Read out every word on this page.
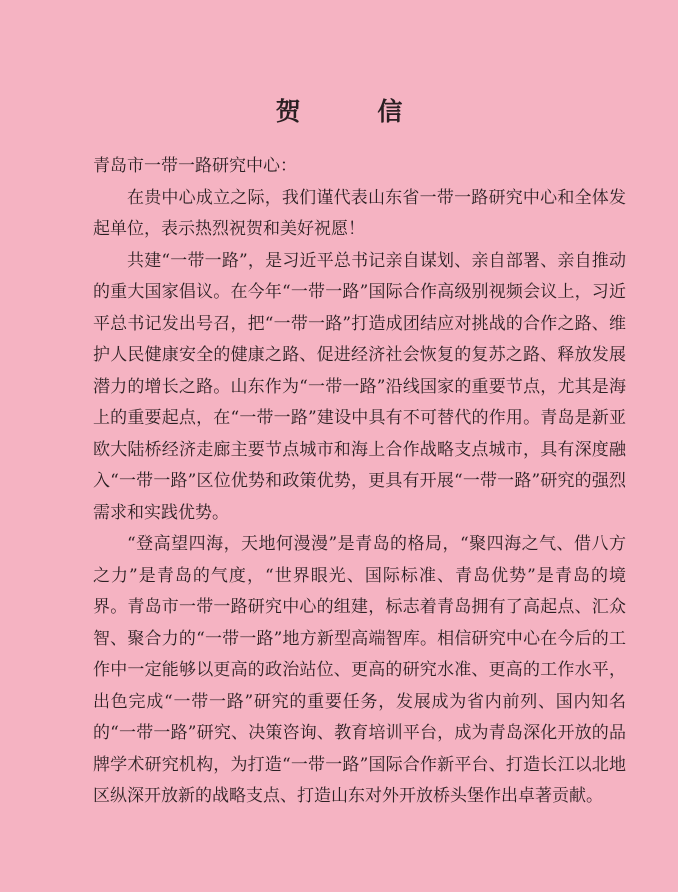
贺 信

青岛市一带一路研究中心：

在贵中心成立之际，我们谨代表山东省一带一路研究中心和全体发起单位，表示热烈祝贺和美好祝愿！

共建“一带一路”，是习近平总书记亲自谋划、亲自部署、亲自推动的重大国家倡议。在今年“一带一路”国际合作高级别视频会议上，习近平总书记发出号召，把“一带一路”打造成团结应对挑战的合作之路、维护人民健康安全的健康之路、促进经济社会恢复的复苏之路、释放发展潜力的增长之路。山东作为“一带一路”沿线国家的重要节点，尤其是海上的重要起点，在“一带一路”建设中具有不可替代的作用。青岛是新亚欧大陆桥经济走廊主要节点城市和海上合作战略支点城市，具有深度融入“一带一路”区位优势和政策优势，更具有开展“一带一路”研究的强烈需求和实践优势。

“登高望四海，天地何漫漫”是青岛的格局，“聚四海之气、借八方之力”是青岛的气度，“世界眼光、国际标准、青岛优势”是青岛的境界。青岛市一带一路研究中心的组建，标志着青岛拥有了高起点、汇众智、聚合力的“一带一路”地方新型高端智库。相信研究中心在今后的工作中一定能够以更高的政治站位、更高的研究水准、更高的工作水平，出色完成“一带一路”研究的重要任务，发展成为省内前列、国内知名的“一带一路”研究、决策咨询、教育培训平台，成为青岛深化开放的品牌学术研究机构，为打造“一带一路”国际合作新平台、打造长江以北地区纵深开放新的战略支点、打造山东对外开放桥头堡作出卓著贡献。
